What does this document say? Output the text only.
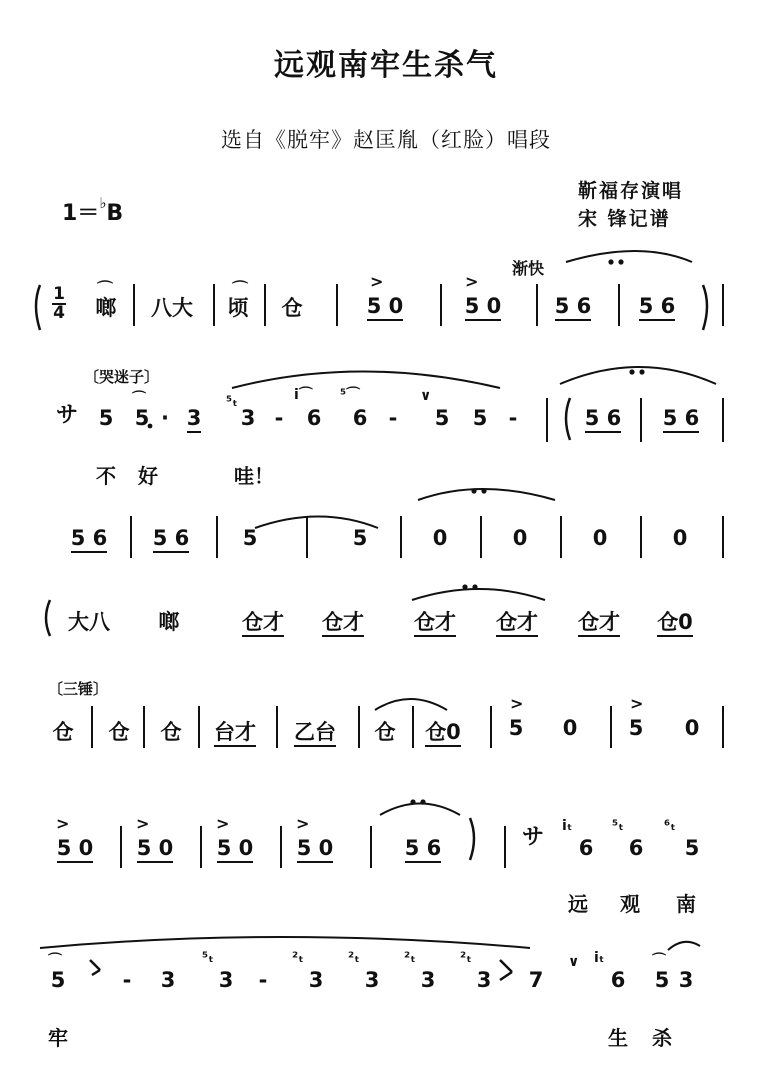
远观南牢生杀气
选自《脱牢》赵匡胤（红脸）唱段
1＝♭B
靳福存演唱
宋 锋记谱
1
4
渐快
啷	八大	顷	仓	5 0	5 0	5 6	5 6
⌒	⌒	>	>
〔哭迷子〕
サ 5 5 · 3 3 - 6 6 - 5 5 -
⌒	⁵ₜ	i⌒ ⁵⌒	∨
5 6	5 6
不 好	哇！
5 6	5 6	5	5	0	0	0	0
大八 啷	仓才 仓才 仓才 仓才 仓才 仓0
〔三锤〕
仓 仓 仓 台才 乙台 仓 仓0 5 0 5 0
>	>
5 0	5 0	5 0	5 0	5 6
>	>	>	>
サ 6 6 5
iₜ	⁵ₜ	⁶ₜ
远 观 南
5	- 3 3 - 3 3 3 3 7	6 5 3
⌒	⁵ₜ	²ₜ	²ₜ	²ₜ	²ₜ	∨ iₜ	⌒
牢	生 杀
